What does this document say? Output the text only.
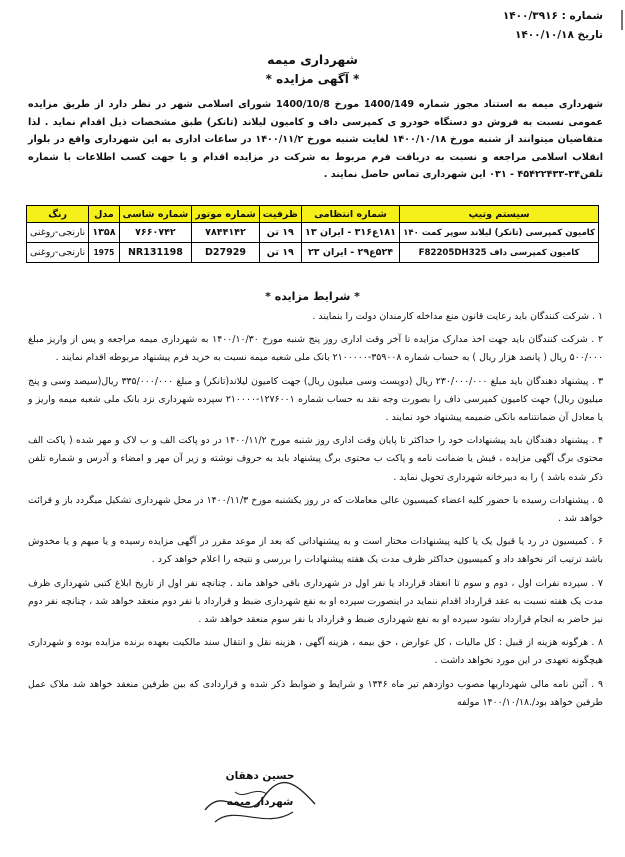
شماره : ۱۴۰۰/۳۹۱۶
تاریخ ۱۴۰۰/۱۰/۱۸
شهرداری میمه
* آگهی مزایده *
شهرداری میمه به استناد مجوز شماره 1400/149 مورخ 1400/10/8 شورای اسلامی شهر در نظر دارد از طریق مزایده عمومی نسبت به فروش دو دستگاه خودرو ی کمپرسی داف و کامیون لیلاند (تانکر) طبق مشخصات ذیل اقدام نماید . لذا متقاضیان میتوانند از شنبه مورخ ۱۴۰۰/۱۰/۱۸ لغایت شنبه مورخ ۱۴۰۰/۱۱/۲ در ساعات اداری به این شهرداری واقع در بلوار انقلاب اسلامی مراجعه و نسبت به دریافت فرم مربوط به شرکت در مزایده اقدام و یا جهت کسب اطلاعات با شماره تلفن۳۴-۴۵۴۲۲۴۳۳ - ۰۳۱ این شهرداری تماس حاصل نمایند .
سیستم وتیپ	شماره انتظامی	ظرفیت	شماره موتور	شماره شاسی	مدل	رنگ
کامیون کمپرسی (تانکر) لیلاند سوپر کمت ۱۴۰	۱۸۱ع۳۱۶ - ایران ۱۳	۱۹ تن	۷۸۴۴۱۴۲	۷۶۶۰۷۴۲	۱۳۵۸	نارنجی-روغنی
کامیون کمپرسی داف F82205DH325	۵۲۴ع۲۹ - ایران ۲۳	۱۹ تن	D27929	NR131198	1975	نارنجی-روغنی
* شرایط مزایده *

۱ . شرکت کنندگان باید رعایت قانون منع مداخله کارمندان دولت را بنمایند .

۲ . شرکت کنندگان باید جهت اخذ مدارک مزایده تا آخر وقت اداری روز پنج شنبه مورخ ۱۴۰۰/۱۰/۳۰ به شهرداری میمه مراجعه و پس از واریز مبلغ ۵۰۰/۰۰۰ ریال ( پانصد هزار ریال ) به حساب شماره ۳۵۹۰۰۸-۲۱۰۰۰۰۰ بانک ملی شعبه میمه نسبت به خرید فرم پیشنهاد مربوطه اقدام نمایند .

۳ . پیشنهاد دهندگان باید مبلغ ۲۳۰/۰۰۰/۰۰۰ ریال (دویست وسی میلیون ریال) جهت کامیون لیلاند(تانکر) و مبلغ ۳۳۵/۰۰۰/۰۰۰ ریال(سیصد وسی و پنج میلیون ریال) جهت کامیون کمپرسی داف را بصورت وجه نقد به حساب شماره ۱۲۷۶۰۰۱-۲۱۰۰۰۰ سپرده شهرداری نزد بانک ملی شعبه میمه واریز و یا معادل آن ضمانتنامه بانکی ضمیمه پیشنهاد خود نمایند .

۴ . پیشنهاد دهندگان باید پیشنهادات خود را حداکثر تا پایان وقت اداری روز شنبه مورخ ۱۴۰۰/۱۱/۲ در دو پاکت الف و ب لاک و مهر شده ( پاکت الف محتوی برگ آگهی مزایده ، فیش یا ضمانت نامه و پاکت ب محتوی برگ پیشنهاد باید به حروف نوشته و زیر آن مهر و امضاء و آدرس و شماره تلفن ذکر شده باشد ) را به دبیرخانه شهرداری تحویل نماید .

۵ . پیشنهادات رسیده با حضور کلیه اعضاء کمیسیون عالی معاملات که در روز یکشنبه مورخ ۱۴۰۰/۱۱/۳ در محل شهرداری تشکیل میگردد باز و قرائت خواهد شد .

۶ . کمیسیون در رد یا قبول یک یا کلیه پیشنهادات مختار است و به پیشنهاداتی که بعد از موعد مقرر در آگهی مزایده رسیده و یا مبهم و یا مخدوش باشد ترتیب اثر نخواهد داد و کمیسیون حداکثر ظرف مدت یک هفته پیشنهادات را بررسی و نتیجه را اعلام خواهد کرد .

۷ . سپرده نفرات اول ، دوم و سوم تا انعقاد قرارداد یا نفر اول در شهرداری باقی خواهد ماند . چنانچه نفر اول از تاریخ ابلاغ کتبی شهرداری ظرف مدت یک هفته نسبت به عقد قرارداد اقدام ننماید در اینصورت سپرده او به نفع شهرداری ضبط و قرارداد با نفر دوم منعقد خواهد شد ، چنانچه نفر دوم نیز حاضر به انجام قرارداد نشود سپرده او به نفع شهرداری ضبط و قرارداد با نفر سوم منعقد خواهد شد .

۸ . هرگونه هزینه از قبیل : کل مالیات ، کل عوارض ، حق بیمه ، هزینه آگهی ، هزینه نقل و انتقال سند مالکیت بعهده برنده مزایده بوده و شهرداری هیچگونه تعهدی در این مورد نخواهد داشت .

۹ . آئین نامه مالی شهرداریها مصوب دوازدهم تیر ماه ۱۳۴۶ و شرایط و ضوابط ذکر شده و قراردادی که بین طرفین منعقد خواهد شد ملاک عمل طرفین خواهد بود/.۱۴۰۰/۱۰/۱۸ مولفه

حسین دهقان
شهردار میمه
